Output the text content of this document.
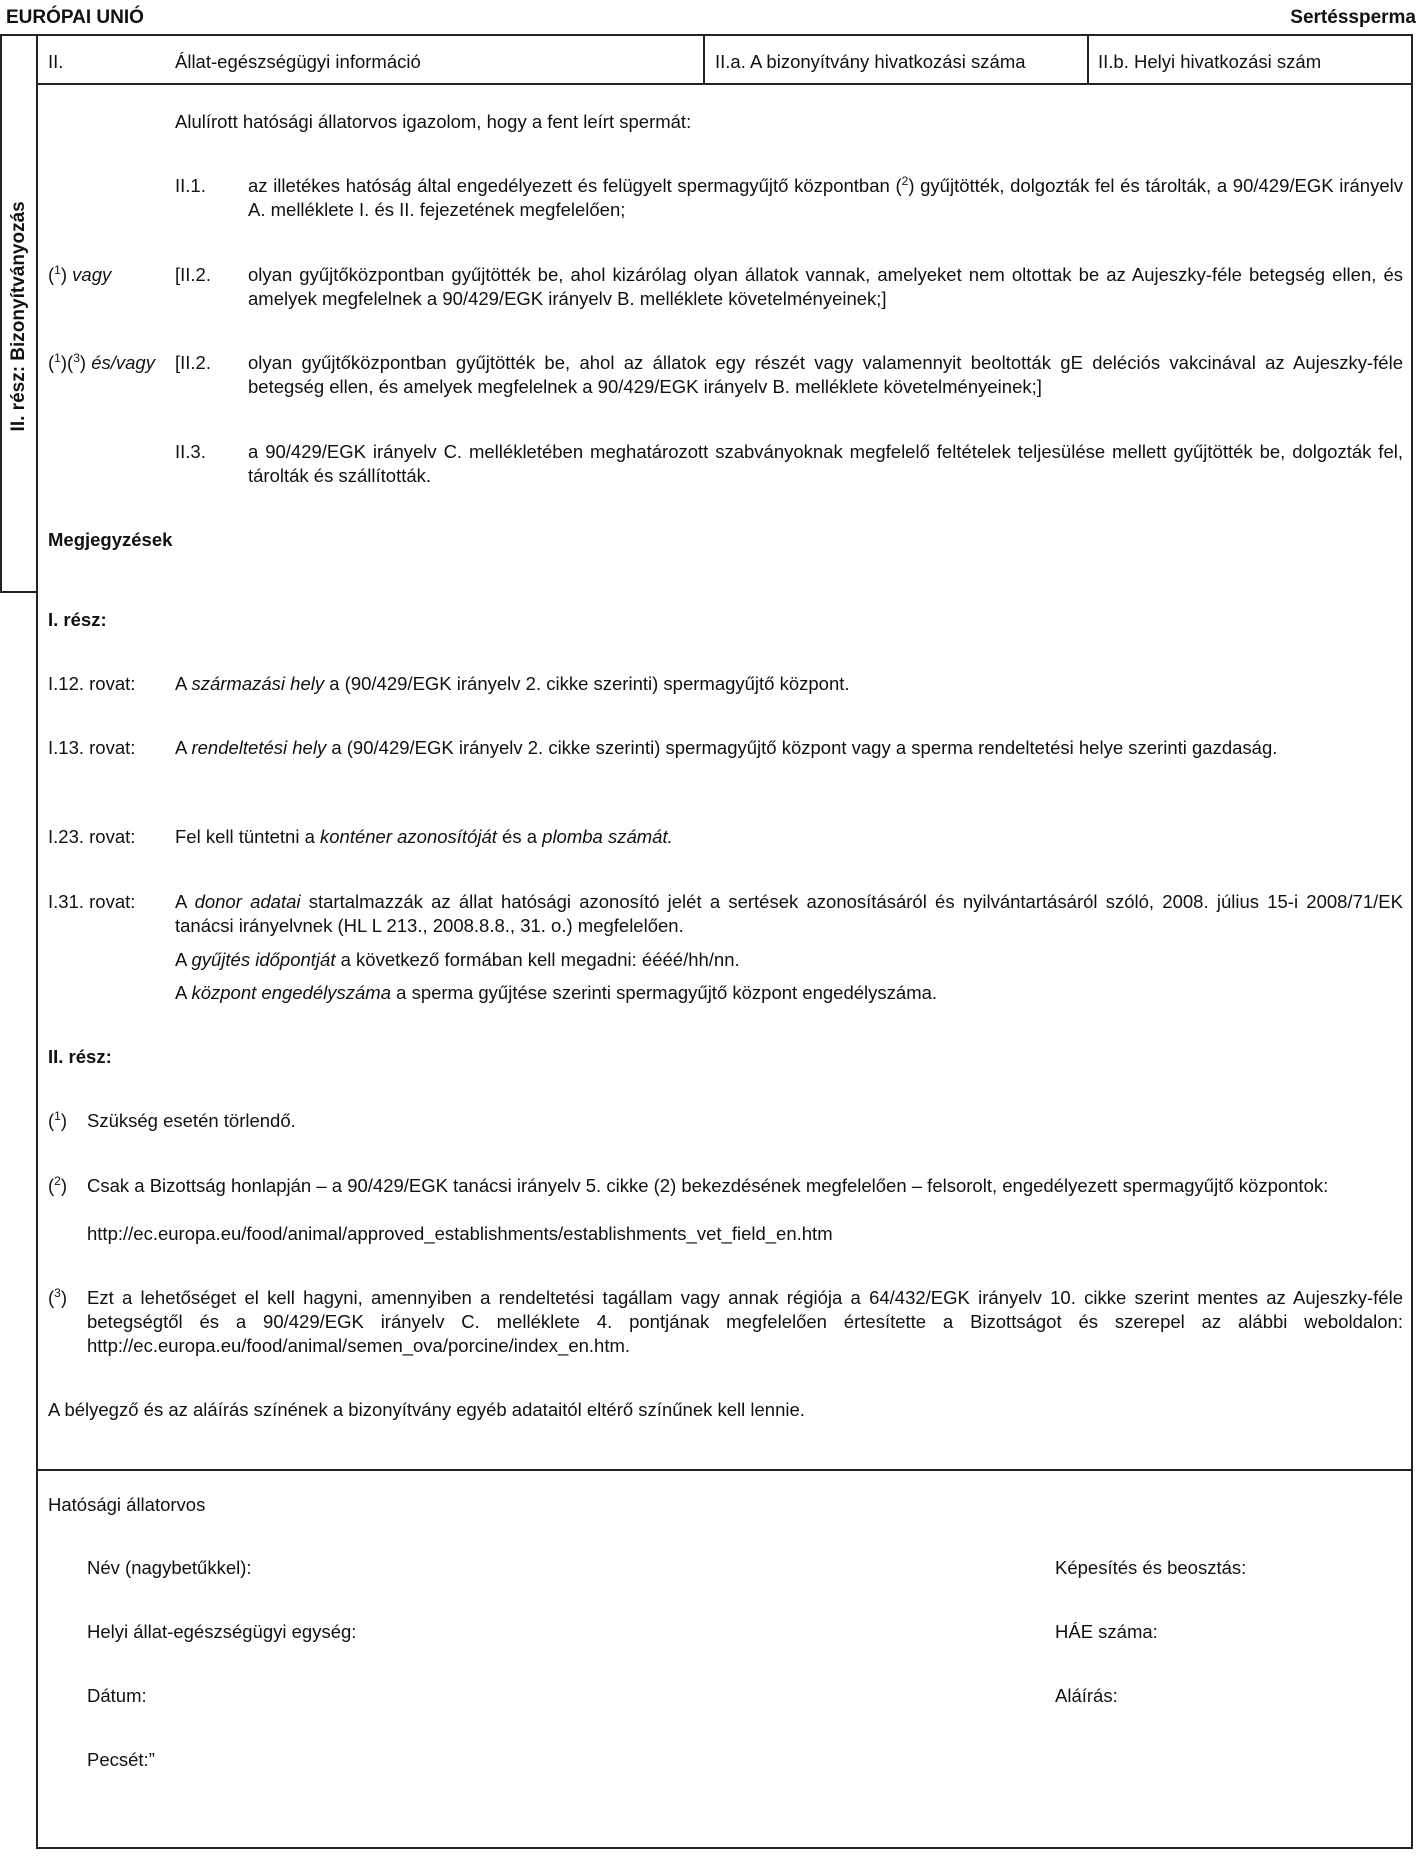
EURÓPAI UNIÓ	Sertéssperma
II. rész: Bizonyítványozás
II.	Állat-egészségügyi információ	II.a. A bizonyítvány hivatkozási száma	II.b. Helyi hivatkozási szám
Alulírott hatósági állatorvos igazolom, hogy a fent leírt spermát:
II.1. az illetékes hatóság által engedélyezett és felügyelt spermagyűjtő központban ($^2$) gyűjtötték, dolgozták fel és tárolták, a 90/429/EGK irányelv A. melléklete I. és II. fejezetének megfelelően;
($^1$) vagy	[II.2. olyan gyűjtőközpontban gyűjtötték be, ahol kizárólag olyan állatok vannak, amelyeket nem oltottak be az Aujeszky-féle betegség ellen, és amelyek megfelelnek a 90/429/EGK irányelv B. melléklete követelményeinek;]
($^1$)($^3$) és/vagy [II.2. olyan gyűjtőközpontban gyűjtötték be, ahol az állatok egy részét vagy valamennyit beoltották gE deléciós vakcinával az Aujeszky-féle betegség ellen, és amelyek megfelelnek a 90/429/EGK irányelv B. melléklete követelményeinek;]
II.3. a 90/429/EGK irányelv C. mellékletében meghatározott szabványoknak megfelelő feltételek teljesülése mellett gyűjtötték be, dolgozták fel, tárolták és szállították.
Megjegyzések
I. rész:
I.12. rovat: A származási hely a (90/429/EGK irányelv 2. cikke szerinti) spermagyűjtő központ.
I.13. rovat: A rendeltetési hely a (90/429/EGK irányelv 2. cikke szerinti) spermagyűjtő központ vagy a sperma rendeltetési helye szerinti gazdaság.
I.23. rovat: Fel kell tüntetni a konténer azonosítóját és a plomba számát.
I.31. rovat: A donor adatai startalmazzák az állat hatósági azonosító jelét a sertések azonosításáról és nyilvántartásáról szóló, 2008. július 15-i 2008/71/EK tanácsi irányelvnek (HL L 213., 2008.8.8., 31. o.) megfelelően.
A gyűjtés időpontját a következő formában kell megadni: éééé/hh/nn.
A központ engedélyszáma a sperma gyűjtése szerinti spermagyűjtő központ engedélyszáma.
II. rész:
($^1$) Szükség esetén törlendő.
($^2$) Csak a Bizottság honlapján – a 90/429/EGK tanácsi irányelv 5. cikke (2) bekezdésének megfelelően – felsorolt, engedélyezett spermagyűjtő központok:
http://ec.europa.eu/food/animal/approved_establishments/establishments_vet_field_en.htm
($^3$) Ezt a lehetőséget el kell hagyni, amennyiben a rendeltetési tagállam vagy annak régiója a 64/432/EGK irányelv 10. cikke szerint mentes az Aujeszky-féle betegségtől és a 90/429/EGK irányelv C. melléklete 4. pontjának megfelelően értesítette a Bizottságot és szerepel az alábbi weboldalon: http://ec.europa.eu/food/animal/semen_ova/porcine/index_en.htm.
A bélyegző és az aláírás színének a bizonyítvány egyéb adataitól eltérő színűnek kell lennie.
Hatósági állatorvos
Név (nagybetűkkel):	Képesítés és beosztás:
Helyi állat-egészségügyi egység:	HÁE száma:
Dátum:	Aláírás:
Pecsét:”
